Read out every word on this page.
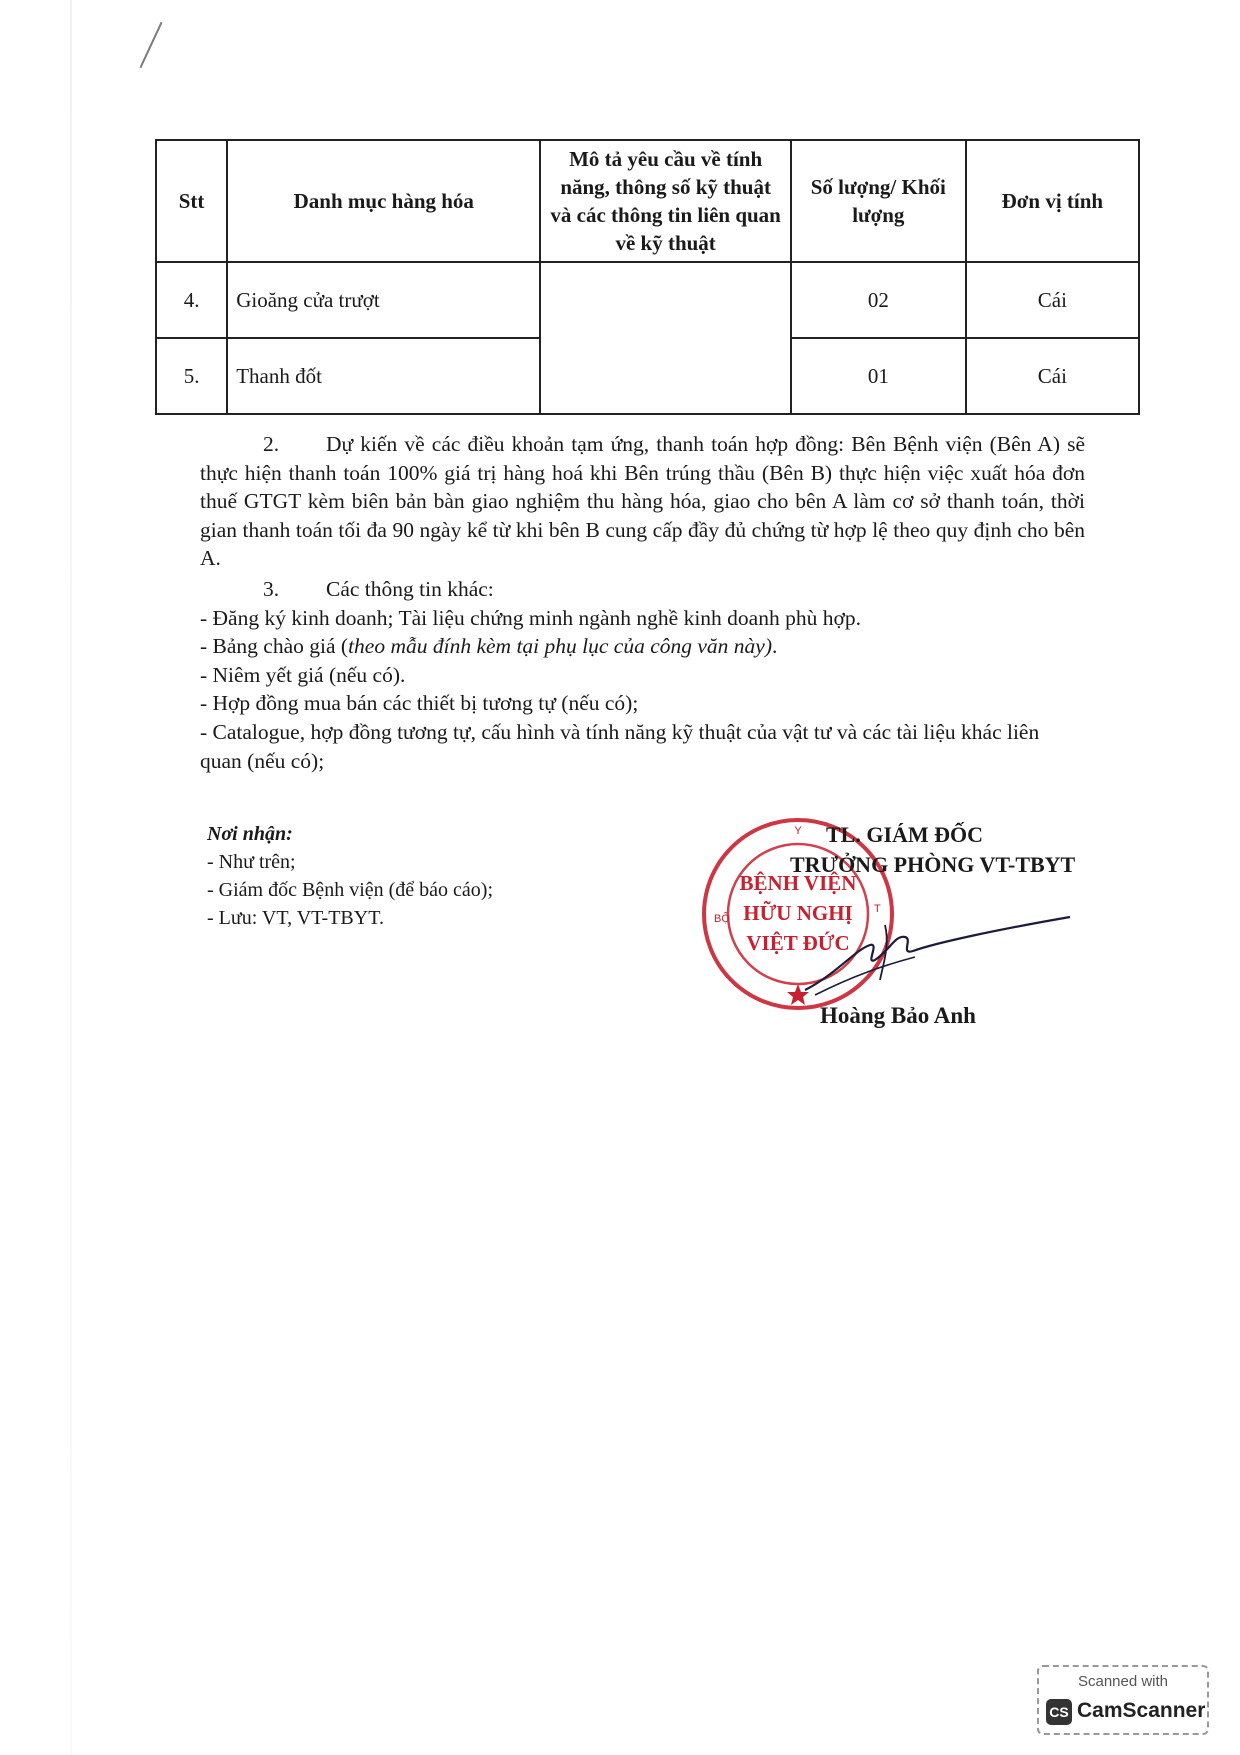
Stt	Danh mục hàng hóa	Mô tả yêu cầu về tính năng, thông số kỹ thuật và các thông tin liên quan về kỹ thuật	Số lượng/ Khối lượng	Đơn vị tính
4.	Gioăng cửa trượt		02	Cái
5.	Thanh đốt		01	Cái

2. Dự kiến về các điều khoản tạm ứng, thanh toán hợp đồng: Bên Bệnh viện (Bên A) sẽ thực hiện thanh toán 100% giá trị hàng hoá khi Bên trúng thầu (Bên B) thực hiện việc xuất hóa đơn thuế GTGT kèm biên bản bàn giao nghiệm thu hàng hóa, giao cho bên A làm cơ sở thanh toán, thời gian thanh toán tối đa 90 ngày kể từ khi bên B cung cấp đầy đủ chứng từ hợp lệ theo quy định cho bên A.

3. Các thông tin khác:
- Đăng ký kinh doanh; Tài liệu chứng minh ngành nghề kinh doanh phù hợp.
- Bảng chào giá (theo mẫu đính kèm tại phụ lục của công văn này).
- Niêm yết giá (nếu có).
- Hợp đồng mua bán các thiết bị tương tự (nếu có);
- Catalogue, hợp đồng tương tự, cấu hình và tính năng kỹ thuật của vật tư và các tài liệu khác liên quan (nếu có);
Nơi nhận:
- Như trên;
- Giám đốc Bệnh viện (để báo cáo);
- Lưu: VT, VT-TBYT.
BỆNH VIỆN
HỮU NGHỊ
VIỆT ĐỨC
Y
BỘ
T
TL. GIÁM ĐỐC
TRƯỞNG PHÒNG VT-TBYT
Hoàng Bảo Anh
Scanned with
CS CamScanner
